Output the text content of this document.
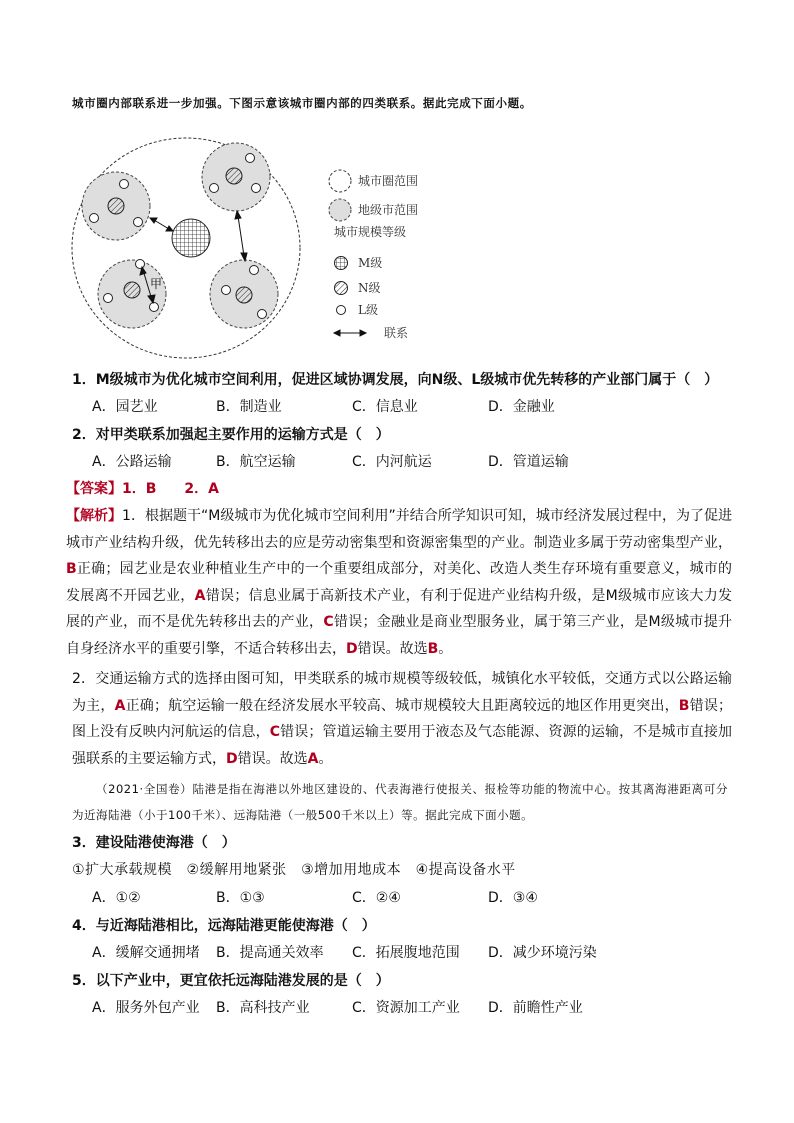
城市圈内部联系进一步加强。下图示意该城市圈内部的四类联系。据此完成下面小题。
甲
城市圈范围
地级市范围
城市规模等级
M级
N级
L级
联系
1．M级城市为优化城市空间利用，促进区域协调发展，向N级、L级城市优先转移的产业部门属于（　）
A．园艺业	B．制造业	C．信息业	D．金融业
2．对甲类联系加强起主要作用的运输方式是（　）
A．公路运输	B．航空运输	C．内河航运	D．管道运输
【答案】1．B　　2．A
【解析】1．根据题干“M级城市为优化城市空间利用”并结合所学知识可知，城市经济发展过程中，为了促进城市产业结构升级，优先转移出去的应是劳动密集型和资源密集型的产业。制造业多属于劳动密集型产业，B正确；园艺业是农业种植业生产中的一个重要组成部分，对美化、改造人类生存环境有重要意义，城市的发展离不开园艺业，A错误；信息业属于高新技术产业，有利于促进产业结构升级，是M级城市应该大力发展的产业，而不是优先转移出去的产业，C错误；金融业是商业型服务业，属于第三产业，是M级城市提升自身经济水平的重要引擎，不适合转移出去，D错误。故选B。
2．交通运输方式的选择由图可知，甲类联系的城市规模等级较低，城镇化水平较低，交通方式以公路运输为主，A正确；航空运输一般在经济发展水平较高、城市规模较大且距离较远的地区作用更突出，B错误；图上没有反映内河航运的信息，C错误；管道运输主要用于液态及气态能源、资源的运输，不是城市直接加强联系的主要运输方式，D错误。故选A。
（2021·全国卷）陆港是指在海港以外地区建设的、代表海港行使报关、报检等功能的物流中心。按其离海港距离可分为近海陆港（小于100千米）、远海陆港（一般500千米以上）等。据此完成下面小题。
3．建设陆港使海港（　）
①扩大承载规模　②缓解用地紧张　③增加用地成本　④提高设备水平
A．①②	B．①③	C．②④	D．③④
4．与近海陆港相比，远海陆港更能使海港（　）
A．缓解交通拥堵 B．提高通关效率 C．拓展腹地范围 D．减少环境污染
5．以下产业中，更宜依托远海陆港发展的是（　）
A．服务外包产业 B．高科技产业	C．资源加工产业 D．前瞻性产业
